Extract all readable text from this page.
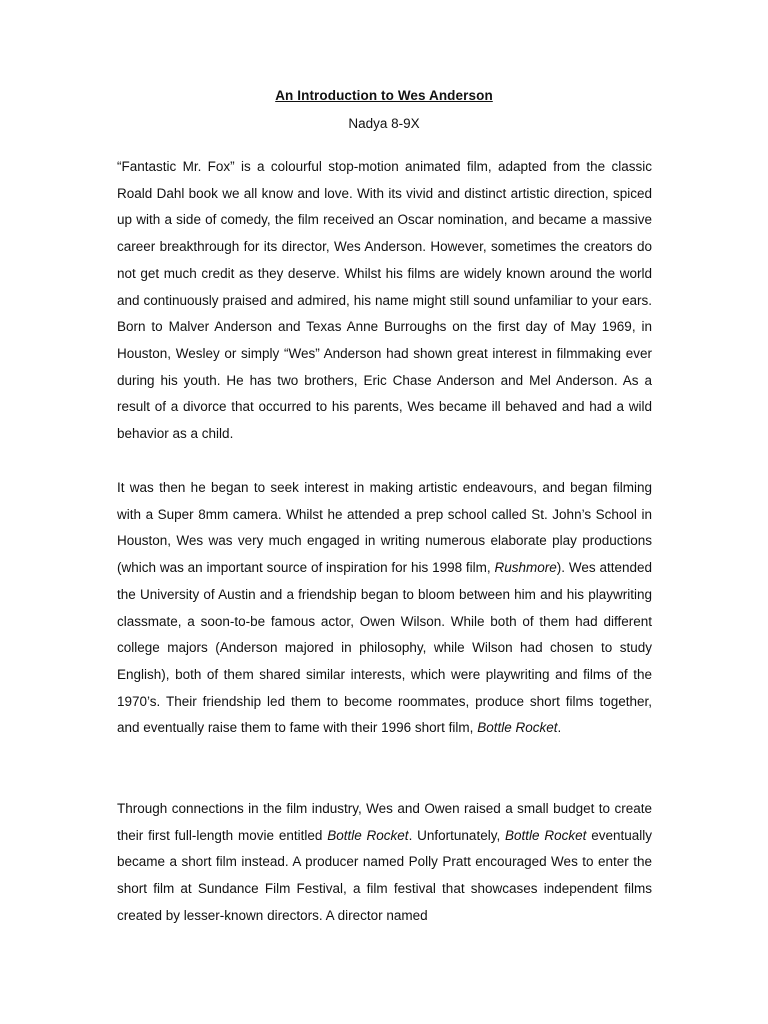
An Introduction to Wes Anderson
Nadya 8-9X

“Fantastic Mr. Fox” is a colourful stop-motion animated film, adapted from the classic Roald Dahl book we all know and love. With its vivid and distinct artistic direction, spiced up with a side of comedy, the film received an Oscar nomination, and became a massive career breakthrough for its director, Wes Anderson. However, sometimes the creators do not get much credit as they deserve. Whilst his films are widely known around the world and continuously praised and admired, his name might still sound unfamiliar to your ears. Born to Malver Anderson and Texas Anne Burroughs on the first day of May 1969, in Houston, Wesley or simply “Wes” Anderson had shown great interest in filmmaking ever during his youth. He has two brothers, Eric Chase Anderson and Mel Anderson. As a result of a divorce that occurred to his parents, Wes became ill behaved and had a wild behavior as a child.

It was then he began to seek interest in making artistic endeavours, and began filming with a Super 8mm camera. Whilst he attended a prep school called St. John’s School in Houston, Wes was very much engaged in writing numerous elaborate play productions (which was an important source of inspiration for his 1998 film, Rushmore). Wes attended the University of Austin and a friendship began to bloom between him and his playwriting classmate, a soon-to-be famous actor, Owen Wilson. While both of them had different college majors (Anderson majored in philosophy, while Wilson had chosen to study English), both of them shared similar interests, which were playwriting and films of the 1970’s. Their friendship led them to become roommates, produce short films together, and eventually raise them to fame with their 1996 short film, Bottle Rocket.

Through connections in the film industry, Wes and Owen raised a small budget to create their first full-length movie entitled Bottle Rocket. Unfortunately, Bottle Rocket eventually became a short film instead. A producer named Polly Pratt encouraged Wes to enter the short film at Sundance Film Festival, a film festival that showcases independent films created by lesser-known directors. A director named
